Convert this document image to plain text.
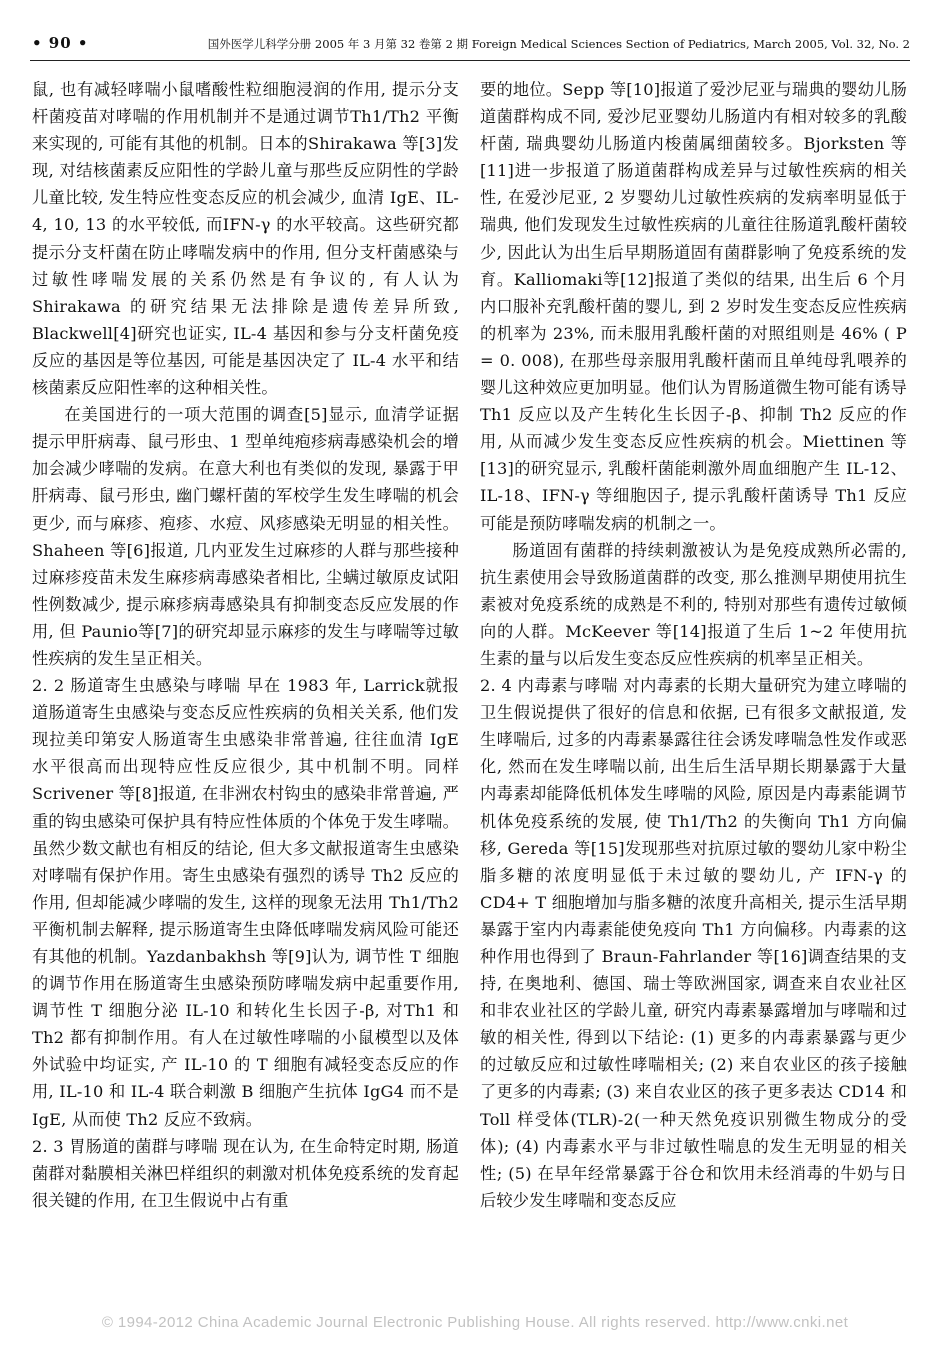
• 90 •	国外医学儿科学分册 2005 年 3 月第 32 卷第 2 期 Foreign Medical Sciences Section of Pediatrics, March 2005, Vol. 32, No. 2

鼠, 也有减轻哮喘小鼠嗜酸性粒细胞浸润的作用, 提示分支杆菌疫苗对哮喘的作用机制并不是通过调节Th1/Th2 平衡来实现的, 可能有其他的机制。日本的Shirakawa 等[3]发现, 对结核菌素反应阳性的学龄儿童与那些反应阴性的学龄儿童比较, 发生特应性变态反应的机会减少, 血清 IgE、IL-4, 10, 13 的水平较低, 而IFN-γ 的水平较高。这些研究都提示分支杆菌在防止哮喘发病中的作用, 但分支杆菌感染与过敏性哮喘发展的关系仍然是有争议的, 有人认为 Shirakawa 的研究结果无法排除是遗传差异所致, Blackwell[4]研究也证实, IL-4 基因和参与分支杆菌免疫反应的基因是等位基因, 可能是基因决定了 IL-4 水平和结核菌素反应阳性率的这种相关性。

在美国进行的一项大范围的调查[5]显示, 血清学证据提示甲肝病毒、鼠弓形虫、1 型单纯疱疹病毒感染机会的增加会减少哮喘的发病。在意大利也有类似的发现, 暴露于甲肝病毒、鼠弓形虫, 幽门螺杆菌的军校学生发生哮喘的机会更少, 而与麻疹、疱疹、水痘、风疹感染无明显的相关性。Shaheen 等[6]报道, 几内亚发生过麻疹的人群与那些接种过麻疹疫苗未发生麻疹病毒感染者相比, 尘螨过敏原皮试阳性例数减少, 提示麻疹病毒感染具有抑制变态反应发展的作用, 但 Paunio等[7]的研究却显示麻疹的发生与哮喘等过敏性疾病的发生呈正相关。

2. 2 肠道寄生虫感染与哮喘 早在 1983 年, Larrick就报道肠道寄生虫感染与变态反应性疾病的负相关关系, 他们发现拉美印第安人肠道寄生虫感染非常普遍, 往往血清 IgE 水平很高而出现特应性反应很少, 其中机制不明。同样 Scrivener 等[8]报道, 在非洲农村钩虫的感染非常普遍, 严重的钩虫感染可保护具有特应性体质的个体免于发生哮喘。虽然少数文献也有相反的结论, 但大多文献报道寄生虫感染对哮喘有保护作用。寄生虫感染有强烈的诱导 Th2 反应的作用, 但却能减少哮喘的发生, 这样的现象无法用 Th1/Th2 平衡机制去解释, 提示肠道寄生虫降低哮喘发病风险可能还有其他的机制。Yazdanbakhsh 等[9]认为, 调节性 T 细胞的调节作用在肠道寄生虫感染预防哮喘发病中起重要作用, 调节性 T 细胞分泌 IL-10 和转化生长因子-β, 对Th1 和 Th2 都有抑制作用。有人在过敏性哮喘的小鼠模型以及体外试验中均证实, 产 IL-10 的 T 细胞有减轻变态反应的作用, IL-10 和 IL-4 联合刺激 B 细胞产生抗体 IgG4 而不是 IgE, 从而使 Th2 反应不致病。

2. 3 胃肠道的菌群与哮喘 现在认为, 在生命特定时期, 肠道菌群对黏膜相关淋巴样组织的刺激对机体免疫系统的发育起很关键的作用, 在卫生假说中占有重

要的地位。Sepp 等[10]报道了爱沙尼亚与瑞典的婴幼儿肠道菌群构成不同, 爱沙尼亚婴幼儿肠道内有相对较多的乳酸杆菌, 瑞典婴幼儿肠道内梭菌属细菌较多。Bjorksten 等[11]进一步报道了肠道菌群构成差异与过敏性疾病的相关性, 在爱沙尼亚, 2 岁婴幼儿过敏性疾病的发病率明显低于瑞典, 他们发现发生过敏性疾病的儿童往往肠道乳酸杆菌较少, 因此认为出生后早期肠道固有菌群影响了免疫系统的发育。Kalliomaki等[12]报道了类似的结果, 出生后 6 个月内口服补充乳酸杆菌的婴儿, 到 2 岁时发生变态反应性疾病的机率为 23%, 而未服用乳酸杆菌的对照组则是 46% ( P = 0. 008), 在那些母亲服用乳酸杆菌而且单纯母乳喂养的婴儿这种效应更加明显。他们认为胃肠道微生物可能有诱导 Th1 反应以及产生转化生长因子-β、抑制 Th2 反应的作用, 从而减少发生变态反应性疾病的机会。Miettinen 等[13]的研究显示, 乳酸杆菌能刺激外周血细胞产生 IL-12、IL-18、IFN-γ 等细胞因子, 提示乳酸杆菌诱导 Th1 反应可能是预防哮喘发病的机制之一。

肠道固有菌群的持续刺激被认为是免疫成熟所必需的, 抗生素使用会导致肠道菌群的改变, 那么推测早期使用抗生素被对免疫系统的成熟是不利的, 特别对那些有遗传过敏倾向的人群。McKeever 等[14]报道了生后 1~2 年使用抗生素的量与以后发生变态反应性疾病的机率呈正相关。

2. 4 内毒素与哮喘 对内毒素的长期大量研究为建立哮喘的卫生假说提供了很好的信息和依据, 已有很多文献报道, 发生哮喘后, 过多的内毒素暴露往往会诱发哮喘急性发作或恶化, 然而在发生哮喘以前, 出生后生活早期长期暴露于大量内毒素却能降低机体发生哮喘的风险, 原因是内毒素能调节机体免疫系统的发展, 使 Th1/Th2 的失衡向 Th1 方向偏移, Gereda 等[15]发现那些对抗原过敏的婴幼儿家中粉尘脂多糖的浓度明显低于未过敏的婴幼儿, 产 IFN-γ 的 CD4+ T 细胞增加与脂多糖的浓度升高相关, 提示生活早期暴露于室内内毒素能使免疫向 Th1 方向偏移。内毒素的这种作用也得到了 Braun-Fahrlander 等[16]调查结果的支持, 在奥地利、德国、瑞士等欧洲国家, 调查来自农业社区和非农业社区的学龄儿童, 研究内毒素暴露增加与哮喘和过敏的相关性, 得到以下结论: (1) 更多的内毒素暴露与更少的过敏反应和过敏性哮喘相关; (2) 来自农业区的孩子接触了更多的内毒素; (3) 来自农业区的孩子更多表达 CD14 和 Toll 样受体(TLR)-2(一种天然免疫识别微生物成分的受体); (4) 内毒素水平与非过敏性喘息的发生无明显的相关性; (5) 在早年经常暴露于谷仓和饮用未经消毒的牛奶与日后较少发生哮喘和变态反应

© 1994-2012 China Academic Journal Electronic Publishing House. All rights reserved. http://www.cnki.net
